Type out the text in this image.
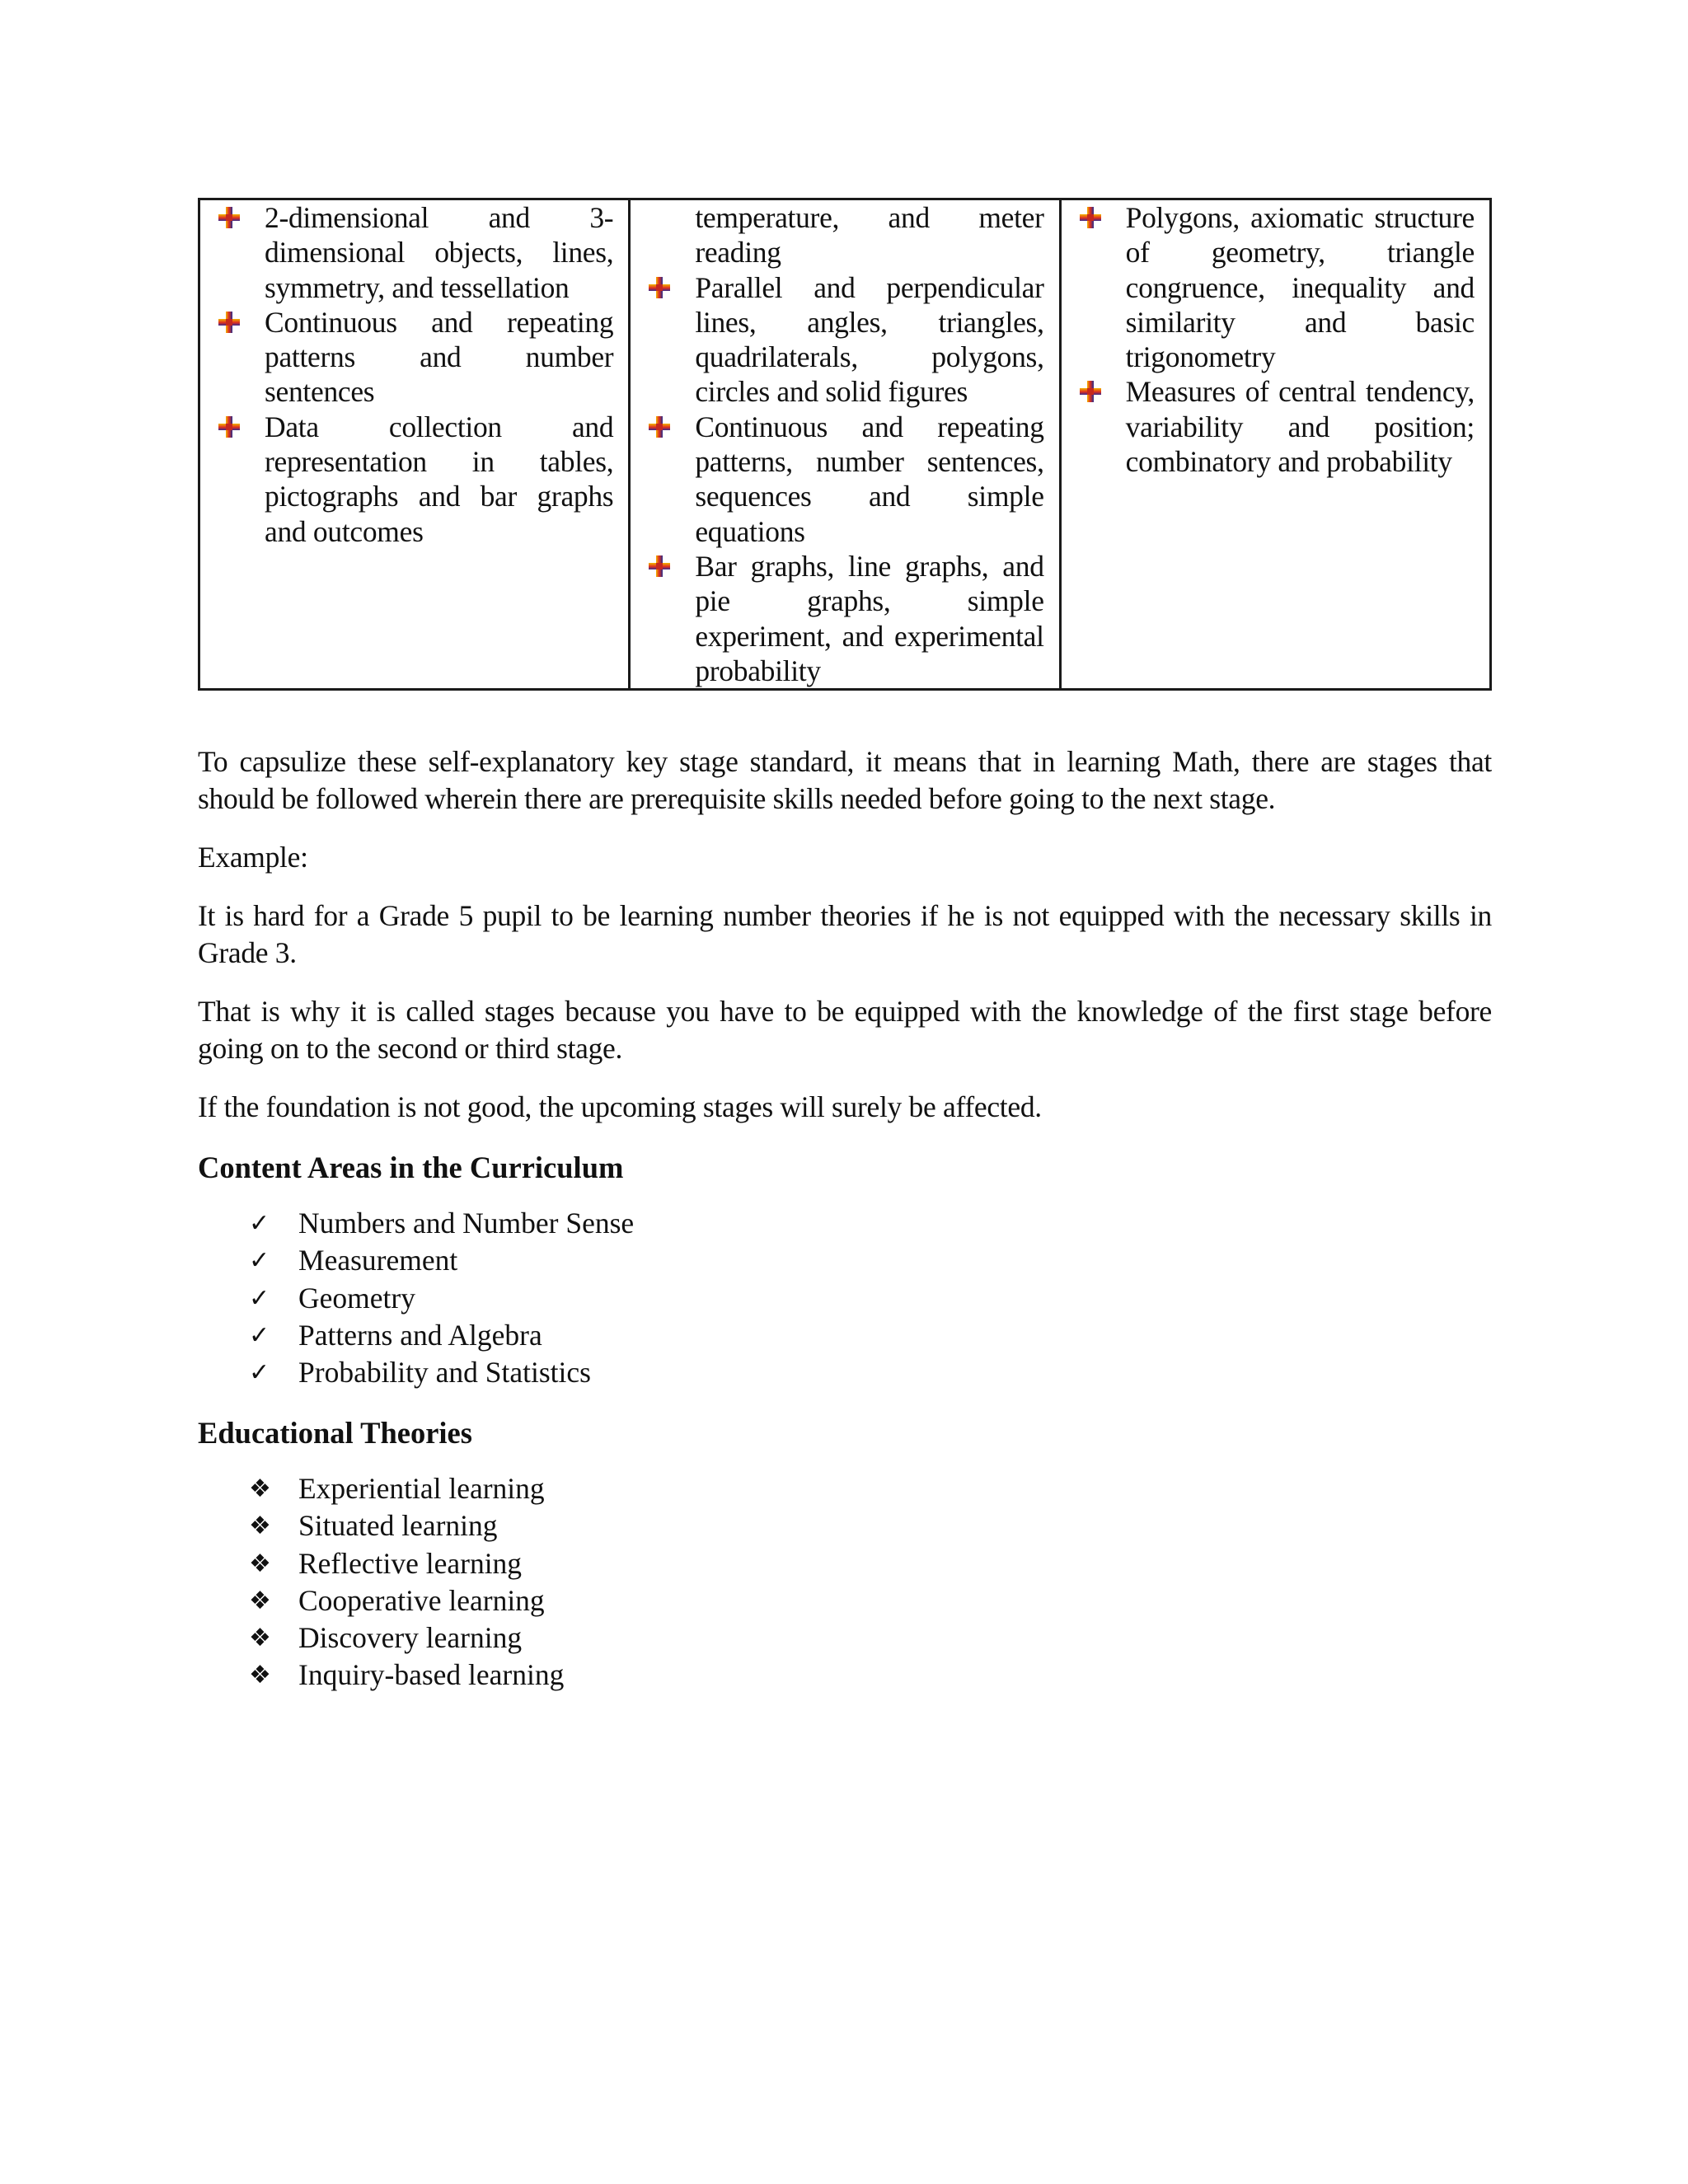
2-dimensional and 3-dimensional objects, lines, symmetry, and tessellation
Continuous and repeating patterns and number sentences
Data collection and representation in tables, pictographs and bar graphs and outcomes

temperature, and meter reading
Parallel and perpendicular lines, angles, triangles, quadrilaterals, polygons, circles and solid figures
Continuous and repeating patterns, number sentences, sequences and simple equations
Bar graphs, line graphs, and pie graphs, simple experiment, and experimental probability

Polygons, axiomatic structure of geometry, triangle congruence, inequality and similarity and basic trigonometry
Measures of central tendency, variability and position; combinatory and probability

To capsulize these self-explanatory key stage standard, it means that in learning Math, there are stages that should be followed wherein there are prerequisite skills needed before going to the next stage.

Example:

It is hard for a Grade 5 pupil to be learning number theories if he is not equipped with the necessary skills in Grade 3.

That is why it is called stages because you have to be equipped with the knowledge of the first stage before going on to the second or third stage.

If the foundation is not good, the upcoming stages will surely be affected.

Content Areas in the Curriculum
✓ Numbers and Number Sense
✓ Measurement
✓ Geometry
✓ Patterns and Algebra
✓ Probability and Statistics
Educational Theories
❖ Experiential learning
❖ Situated learning
❖ Reflective learning
❖ Cooperative learning
❖ Discovery learning
❖ Inquiry-based learning
